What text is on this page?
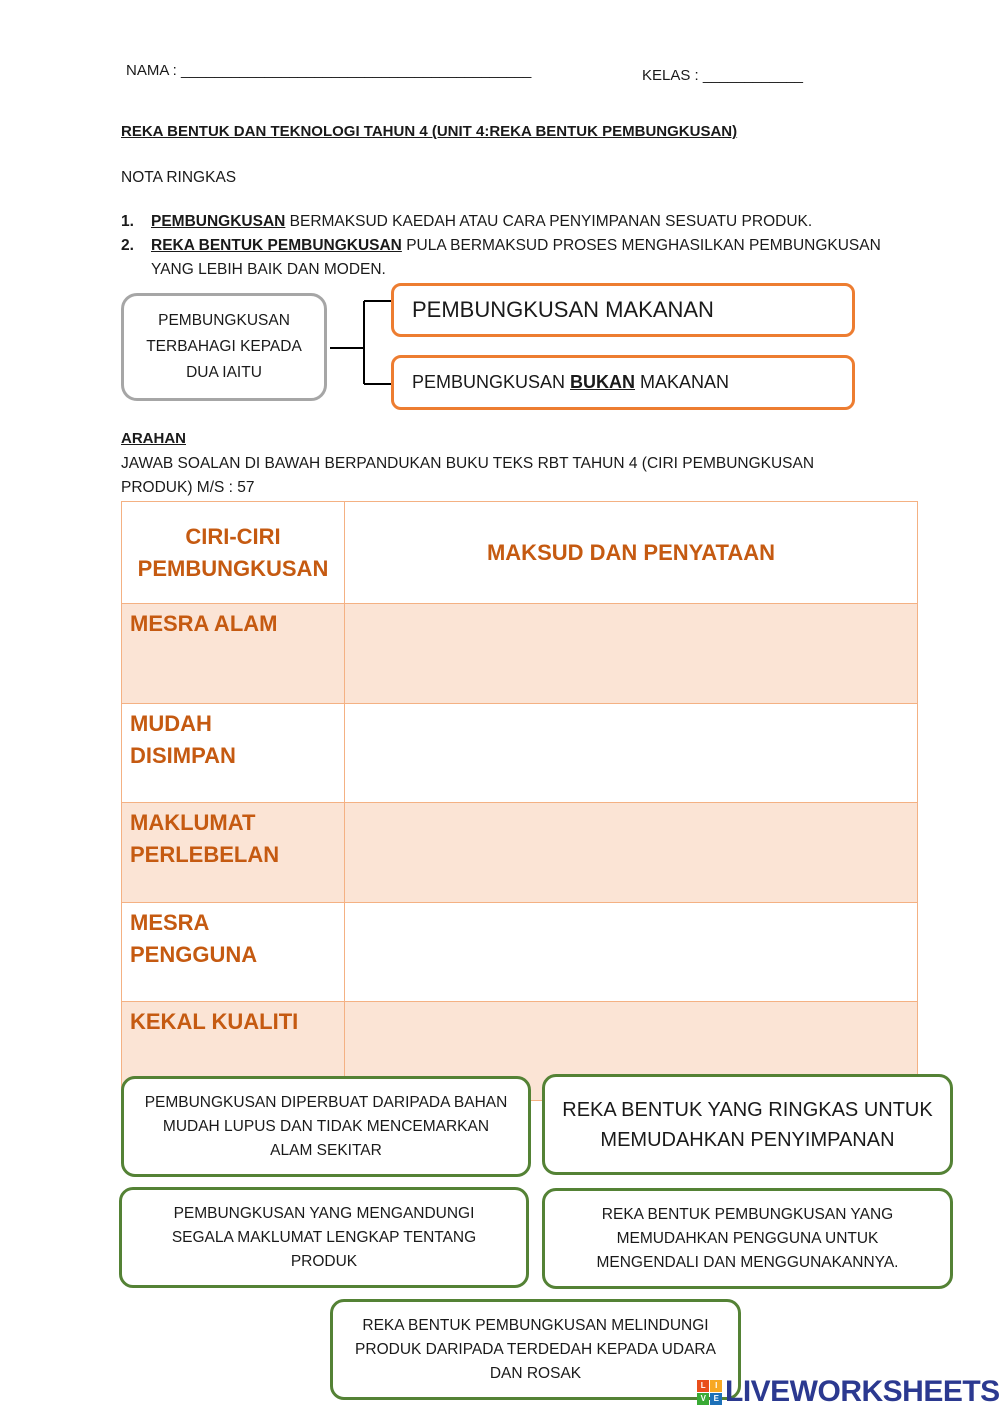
NAMA : __________________________________________	KELAS : ____________
REKA BENTUK DAN TEKNOLOGI TAHUN 4 (UNIT 4:REKA BENTUK PEMBUNGKUSAN)
NOTA RINGKAS
1. PEMBUNGKUSAN BERMAKSUD KAEDAH ATAU CARA PENYIMPANAN SESUATU PRODUK.
2. REKA BENTUK PEMBUNGKUSAN PULA BERMAKSUD PROSES MENGHASILKAN PEMBUNGKUSAN
YANG LEBIH BAIK DAN MODEN.
PEMBUNGKUSAN
TERBAHAGI KEPADA
DUA IAITU
PEMBUNGKUSAN MAKANAN
PEMBUNGKUSAN BUKAN MAKANAN
ARAHAN
JAWAB SOALAN DI BAWAH BERPANDUKAN BUKU TEKS RBT TAHUN 4 (CIRI PEMBUNGKUSAN PRODUK) M/S : 57
CIRI-CIRI
PEMBUNGKUSAN	MAKSUD DAN PENYATAAN

MESRA ALAM	

MUDAH
DISIMPAN	

MAKLUMAT
PERLEBELAN	

MESRA
PENGGUNA	

KEKAL KUALITI	

PEMBUNGKUSAN DIPERBUAT DARIPADA BAHAN
MUDAH LUPUS DAN TIDAK MENCEMARKAN
ALAM SEKITAR
REKA BENTUK YANG RINGKAS UNTUK
MEMUDAHKAN PENYIMPANAN
PEMBUNGKUSAN YANG MENGANDUNGI
SEGALA MAKLUMAT LENGKAP TENTANG
PRODUK
REKA BENTUK PEMBUNGKUSAN YANG
MEMUDAHKAN PENGGUNA UNTUK
MENGENDALI DAN MENGGUNAKANNYA.
REKA BENTUK PEMBUNGKUSAN MELINDUNGI
PRODUK DARIPADA TERDEDAH KEPADA UDARA
DAN ROSAK
L	I
V	E LIVEWORKSHEETS
